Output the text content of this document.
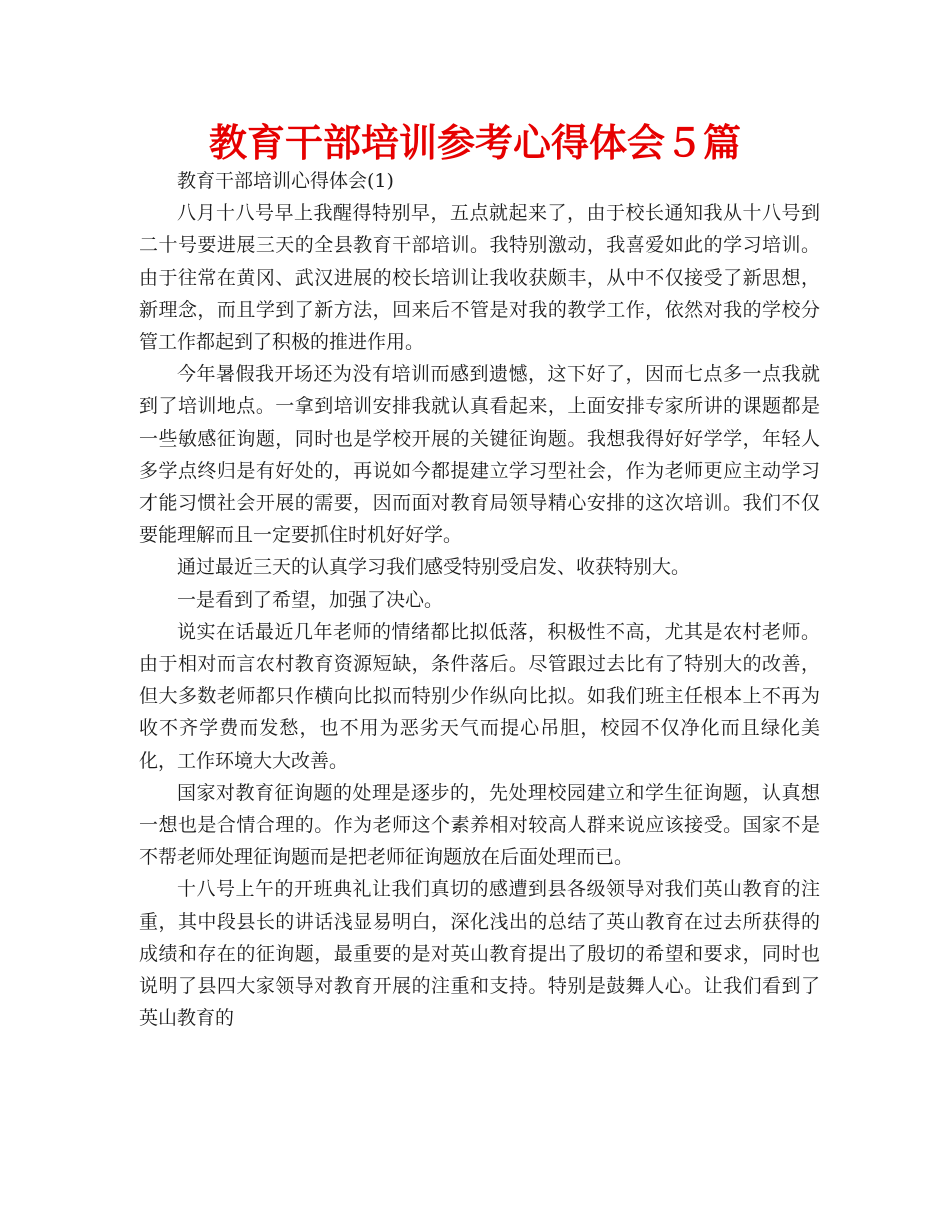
教育干部培训参考心得体会５篇

教育干部培训心得体会(1)

八月十八号早上我醒得特别早，五点就起来了，由于校长通知我从十八号到二十号要进展三天的全县教育干部培训。我特别激动，我喜爱如此的学习培训。由于往常在黄冈、武汉进展的校长培训让我收获颇丰，从中不仅接受了新思想，新理念，而且学到了新方法，回来后不管是对我的教学工作，依然对我的学校分管工作都起到了积极的推进作用。

今年暑假我开场还为没有培训而感到遗憾，这下好了，因而七点多一点我就到了培训地点。一拿到培训安排我就认真看起来，上面安排专家所讲的课题都是一些敏感征询题，同时也是学校开展的关键征询题。我想我得好好学学，年轻人多学点终归是有好处的，再说如今都提建立学习型社会，作为老师更应主动学习才能习惯社会开展的需要，因而面对教育局领导精心安排的这次培训。我们不仅要能理解而且一定要抓住时机好好学。

通过最近三天的认真学习我们感受特别受启发、收获特别大。

一是看到了希望，加强了决心。

说实在话最近几年老师的情绪都比拟低落，积极性不高，尤其是农村老师。由于相对而言农村教育资源短缺，条件落后。尽管跟过去比有了特别大的改善，但大多数老师都只作横向比拟而特别少作纵向比拟。如我们班主任根本上不再为收不齐学费而发愁，也不用为恶劣天气而提心吊胆，校园不仅净化而且绿化美化，工作环境大大改善。

国家对教育征询题的处理是逐步的，先处理校园建立和学生征询题，认真想一想也是合情合理的。作为老师这个素养相对较高人群来说应该接受。国家不是不帮老师处理征询题而是把老师征询题放在后面处理而已。

十八号上午的开班典礼让我们真切的感遭到县各级领导对我们英山教育的注重，其中段县长的讲话浅显易明白，深化浅出的总结了英山教育在过去所获得的成绩和存在的征询题，最重要的是对英山教育提出了殷切的希望和要求，同时也说明了县四大家领导对教育开展的注重和支持。特别是鼓舞人心。让我们看到了英山教育的
